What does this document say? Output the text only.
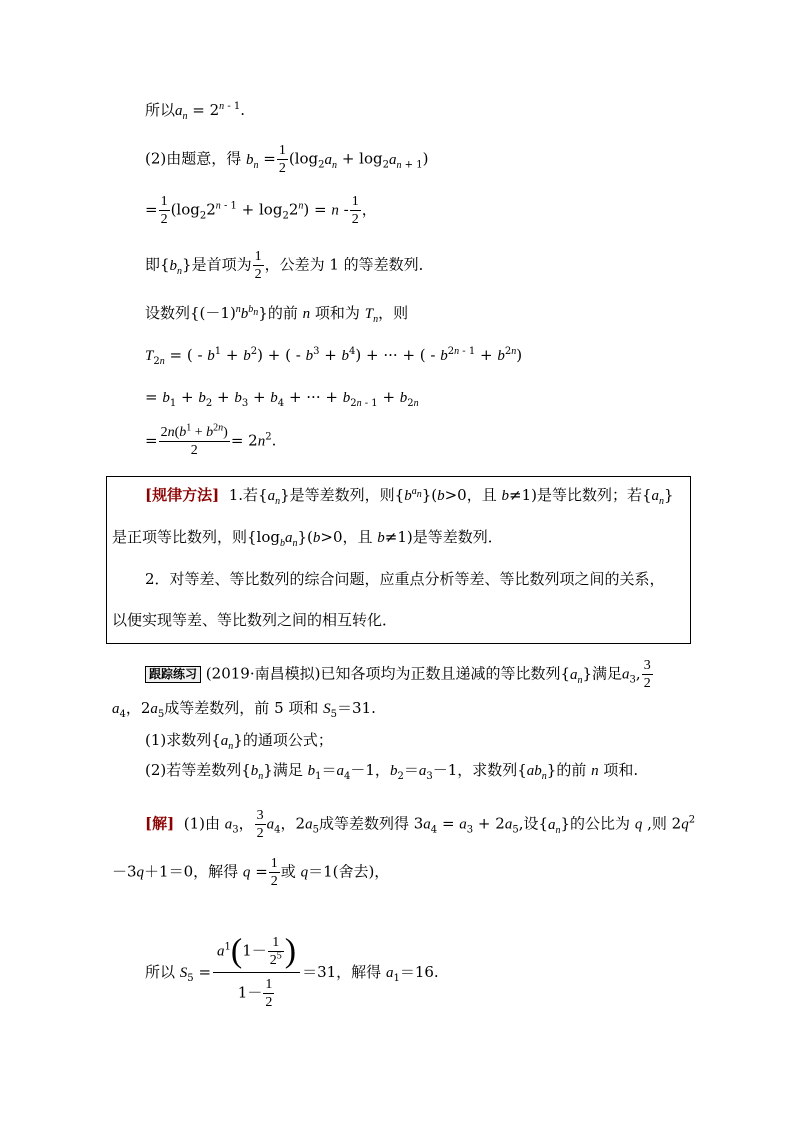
所以$a_n = 2^{n - 1}$.
(2)由题意，得 $b_n = \frac{1}{2} (\log_2a_n + \log_2a_n$ $_{+ 1}$)
= $\frac{1}{2} (\log_22^{n - 1} + \log_22^n) = n - \frac{1}{2}$ ，
即$\{b_n\}$是首项为 $\frac{1}{2}$ ，公差为 1 的等差数列．
设数列$\{(-1)^nb^{b_n}\}$的前 n 项和为 $T_n$，则
$T_{2n}$ = ( - $b^1 + b^2$) + ( - $b^3 + b^4$) + ··· + ( - $b^{2n - 1} + b^{2n}$)
= $b_1 + b_2 + b_3 + b_4$ + ··· + $b_{2n - 1} + b_{2n}$
= $\frac{2n(b^1 + b^{2n})}{2} = 2n^2$.
[规律方法] 1.若$\{a_n\}$是等差数列，则$\{b^{a_n}\}(b>0$，且 b≠1)是等比数列；若$\{a_n\}$
是正项等比数列，则$\{\log_ba_n\}(b>0$，且 b≠1)是等差数列．
2．对等差、等比数列的综合问题，应重点分析等差、等比数列项之间的关系，
以便实现等差、等比数列之间的相互转化．
跟踪练习 (2019·南昌模拟)已知各项均为正数且递减的等比数列$\{a_n\}$满足$a_3$, $\frac{3}{2}$
$a_4$，$2a_5$成等差数列，前 5 项和 $S_5=31$.
(1)求数列$\{a_n\}$的通项公式；
(2)若等差数列$\{b_n\}$满足 $b_1=a_4-1$，$b_2=a_3-1$，求数列$\{ab_n\}$的前 n 项和.
[解] (1)由 $a_3$， $\frac{3}{2} a_4$，$2a_5$成等差数列得 $3a_4 = a_3 + 2a_5$,设$\{a_n\}$的公比为 q ,则 $2q^2$
－3q＋1＝0，解得 $q = \frac{1}{2}$ 或 q＝1(舍去)，
所以 $S_5 = \frac{a^1(1- \frac{1}{2^5} )}{1- \frac{1}{2}} =31$，解得 $a_1=16$.
